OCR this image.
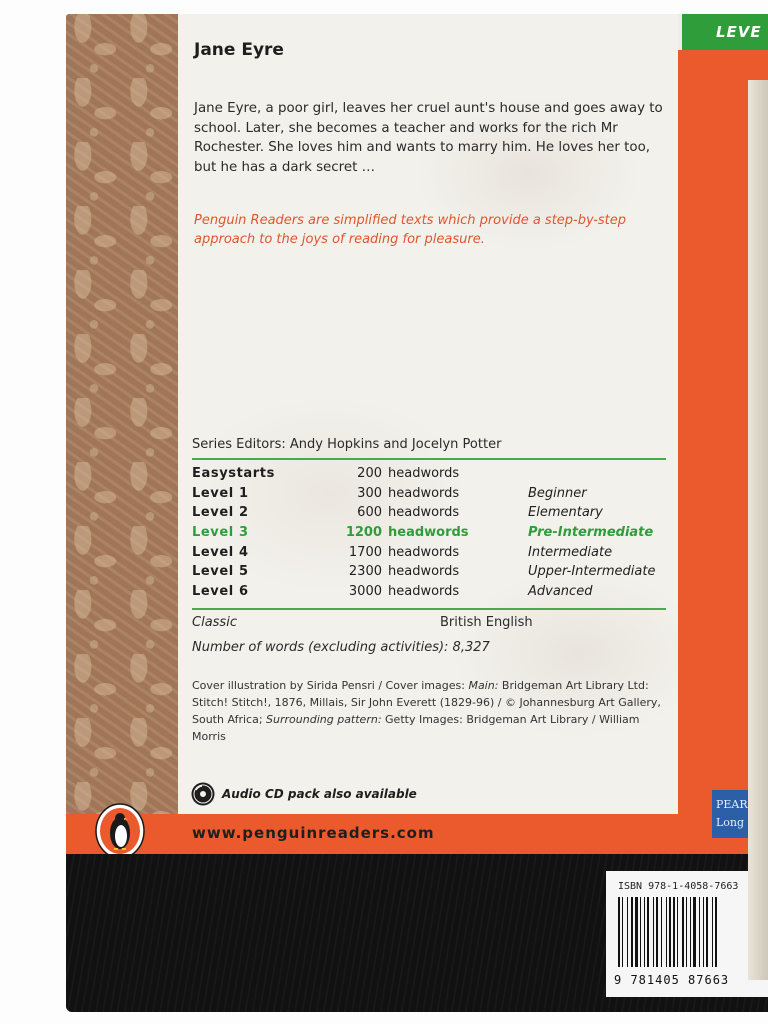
LEVE
Jane Eyre

Jane Eyre, a poor girl, leaves her cruel aunt's house and goes away to school. Later, she becomes a teacher and works for the rich Mr Rochester. She loves him and wants to marry him. He loves her too, but he has a dark secret …

Penguin Readers are simplified texts which provide a step-by-step approach to the joys of reading for pleasure.

Series Editors: Andy Hopkins and Jocelyn Potter
Easystarts	200 headwords
Level 1	300 headwords	Beginner
Level 2	600 headwords	Elementary
Level 3	1200 headwords	Pre-Intermediate
Level 4	1700 headwords	Intermediate
Level 5	2300 headwords	Upper-Intermediate
Level 6	3000 headwords	Advanced
Classic	British English
Number of words (excluding activities): 8,327

Cover illustration by Sirida Pensri / Cover images: Main: Bridgeman Art Library Ltd: Stitch! Stitch!, 1876, Millais, Sir John Everett (1829-96) / © Johannesburg Art Gallery, South Africa; Surrounding pattern: Getty Images: Bridgeman Art Library / William Morris

Audio CD pack also available
www.penguinreaders.com
PEAR
Long
ISBN 978-1-4058-7663
9 781405 87663
